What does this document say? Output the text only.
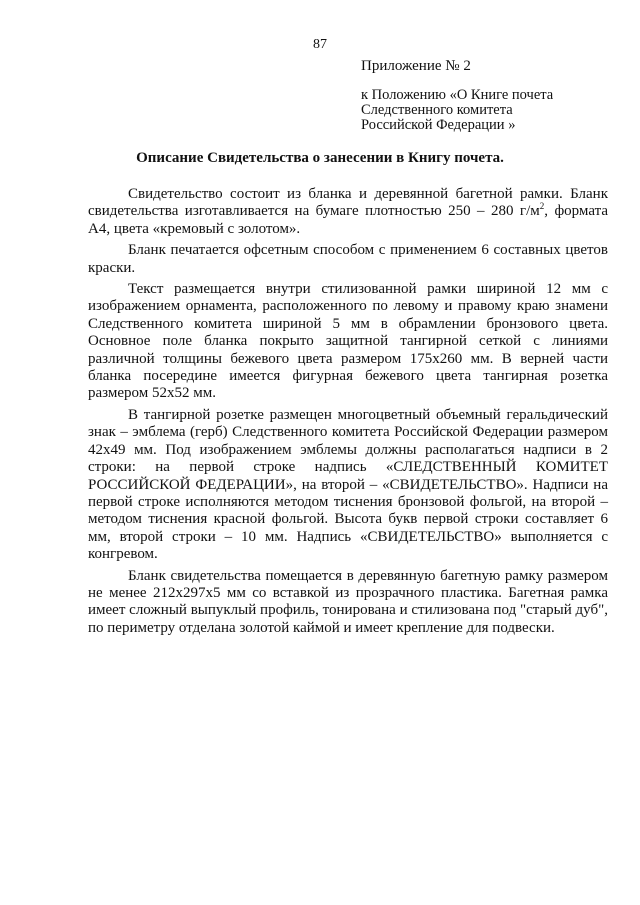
87
Приложение № 2
к Положению «О Книге почета
Следственного комитета
Российской Федерации »
Описание Свидетельства о занесении в Книгу почета.

Свидетельство состоит из бланка и деревянной багетной рамки. Бланк свидетельства изготавливается на бумаге плотностью 250 – 280 $г/м^2$, формата А4, цвета «кремовый с золотом».

Бланк печатается офсетным способом с применением 6 составных цветов краски.

Текст размещается внутри стилизованной рамки шириной 12 мм с изображением орнамента, расположенного по левому и правому краю знамени Следственного комитета шириной 5 мм в обрамлении бронзового цвета. Основное поле бланка покрыто защитной тангирной сеткой с линиями различной толщины бежевого цвета размером 175х260 мм. В верней части бланка посередине имеется фигурная бежевого цвета тангирная розетка размером 52х52 мм.

В тангирной розетке размещен многоцветный объемный геральдический знак – эмблема (герб) Следственного комитета Российской Федерации размером 42х49 мм. Под изображением эмблемы должны располагаться надписи в 2 строки: на первой строке надпись «СЛЕДСТВЕННЫЙ КОМИТЕТ РОССИЙСКОЙ ФЕДЕРАЦИИ», на второй – «СВИДЕТЕЛЬСТВО». Надписи на первой строке исполняются методом тиснения бронзовой фольгой, на второй – методом тиснения красной фольгой. Высота букв первой строки составляет 6 мм, второй строки – 10 мм. Надпись «СВИДЕТЕЛЬСТВО» выполняется с конгревом.

Бланк свидетельства помещается в деревянную багетную рамку размером не менее 212х297х5 мм со вставкой из прозрачного пластика. Багетная рамка имеет сложный выпуклый профиль, тонирована и стилизована под "старый дуб", по периметру отделана золотой каймой и имеет крепление для подвески.
